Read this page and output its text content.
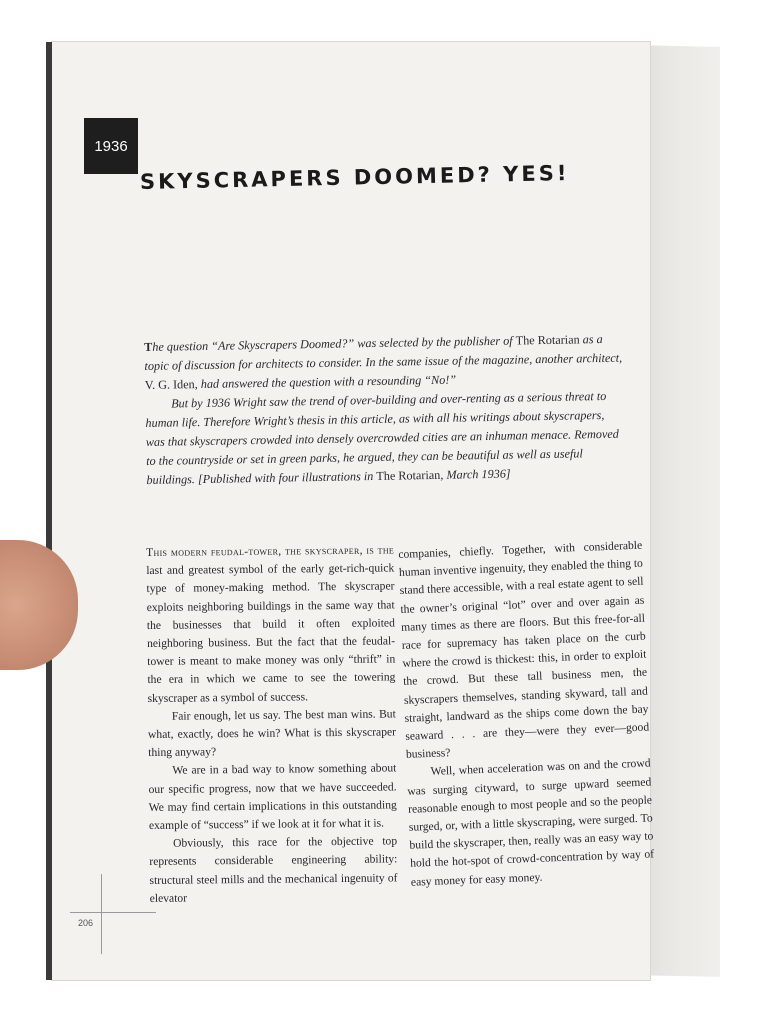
1936
SKYSCRAPERS DOOMED? YES!

The question “Are Skyscrapers Doomed?” was selected by the publisher of The Rotarian as a topic of discussion for architects to consider. In the same issue of the magazine, another architect, V. G. Iden, had answered the question with a resounding “No!”

But by 1936 Wright saw the trend of over-building and over-renting as a serious threat to human life. Therefore Wright’s thesis in this article, as with all his writings about skyscrapers, was that skyscrapers crowded into densely overcrowded cities are an inhuman menace. Removed to the countryside or set in green parks, he argued, they can be beautiful as well as useful buildings. [Published with four illustrations in The Rotarian, March 1936]

This modern feudal-tower, the skyscraper, is the last and greatest symbol of the early get-rich-quick type of money-making method. The skyscraper exploits neighboring buildings in the same way that the businesses that build it often exploited neighboring business. But the fact that the feudal-tower is meant to make money was only “thrift” in the era in which we came to see the towering skyscraper as a symbol of success.

Fair enough, let us say. The best man wins. But what, exactly, does he win? What is this skyscraper thing anyway?

We are in a bad way to know something about our specific progress, now that we have succeeded. We may find certain implications in this outstanding example of “success” if we look at it for what it is.

Obviously, this race for the objective top represents considerable engineering ability: structural steel mills and the mechanical ingenuity of elevator

companies, chiefly. Together, with considerable human inventive ingenuity, they enabled the thing to stand there accessible, with a real estate agent to sell the owner’s original “lot” over and over again as many times as there are floors. But this free-for-all race for supremacy has taken place on the curb where the crowd is thickest: this, in order to exploit the crowd. But these tall business men, the skyscrapers themselves, standing skyward, tall and straight, landward as the ships come down the bay seaward . . . are they—were they ever—good business?

Well, when acceleration was on and the crowd was surging cityward, to surge upward seemed reasonable enough to most people and so the people surged, or, with a little skyscraping, were surged. To build the skyscraper, then, really was an easy way to hold the hot-spot of crowd-concentration by way of easy money for easy money.

206
